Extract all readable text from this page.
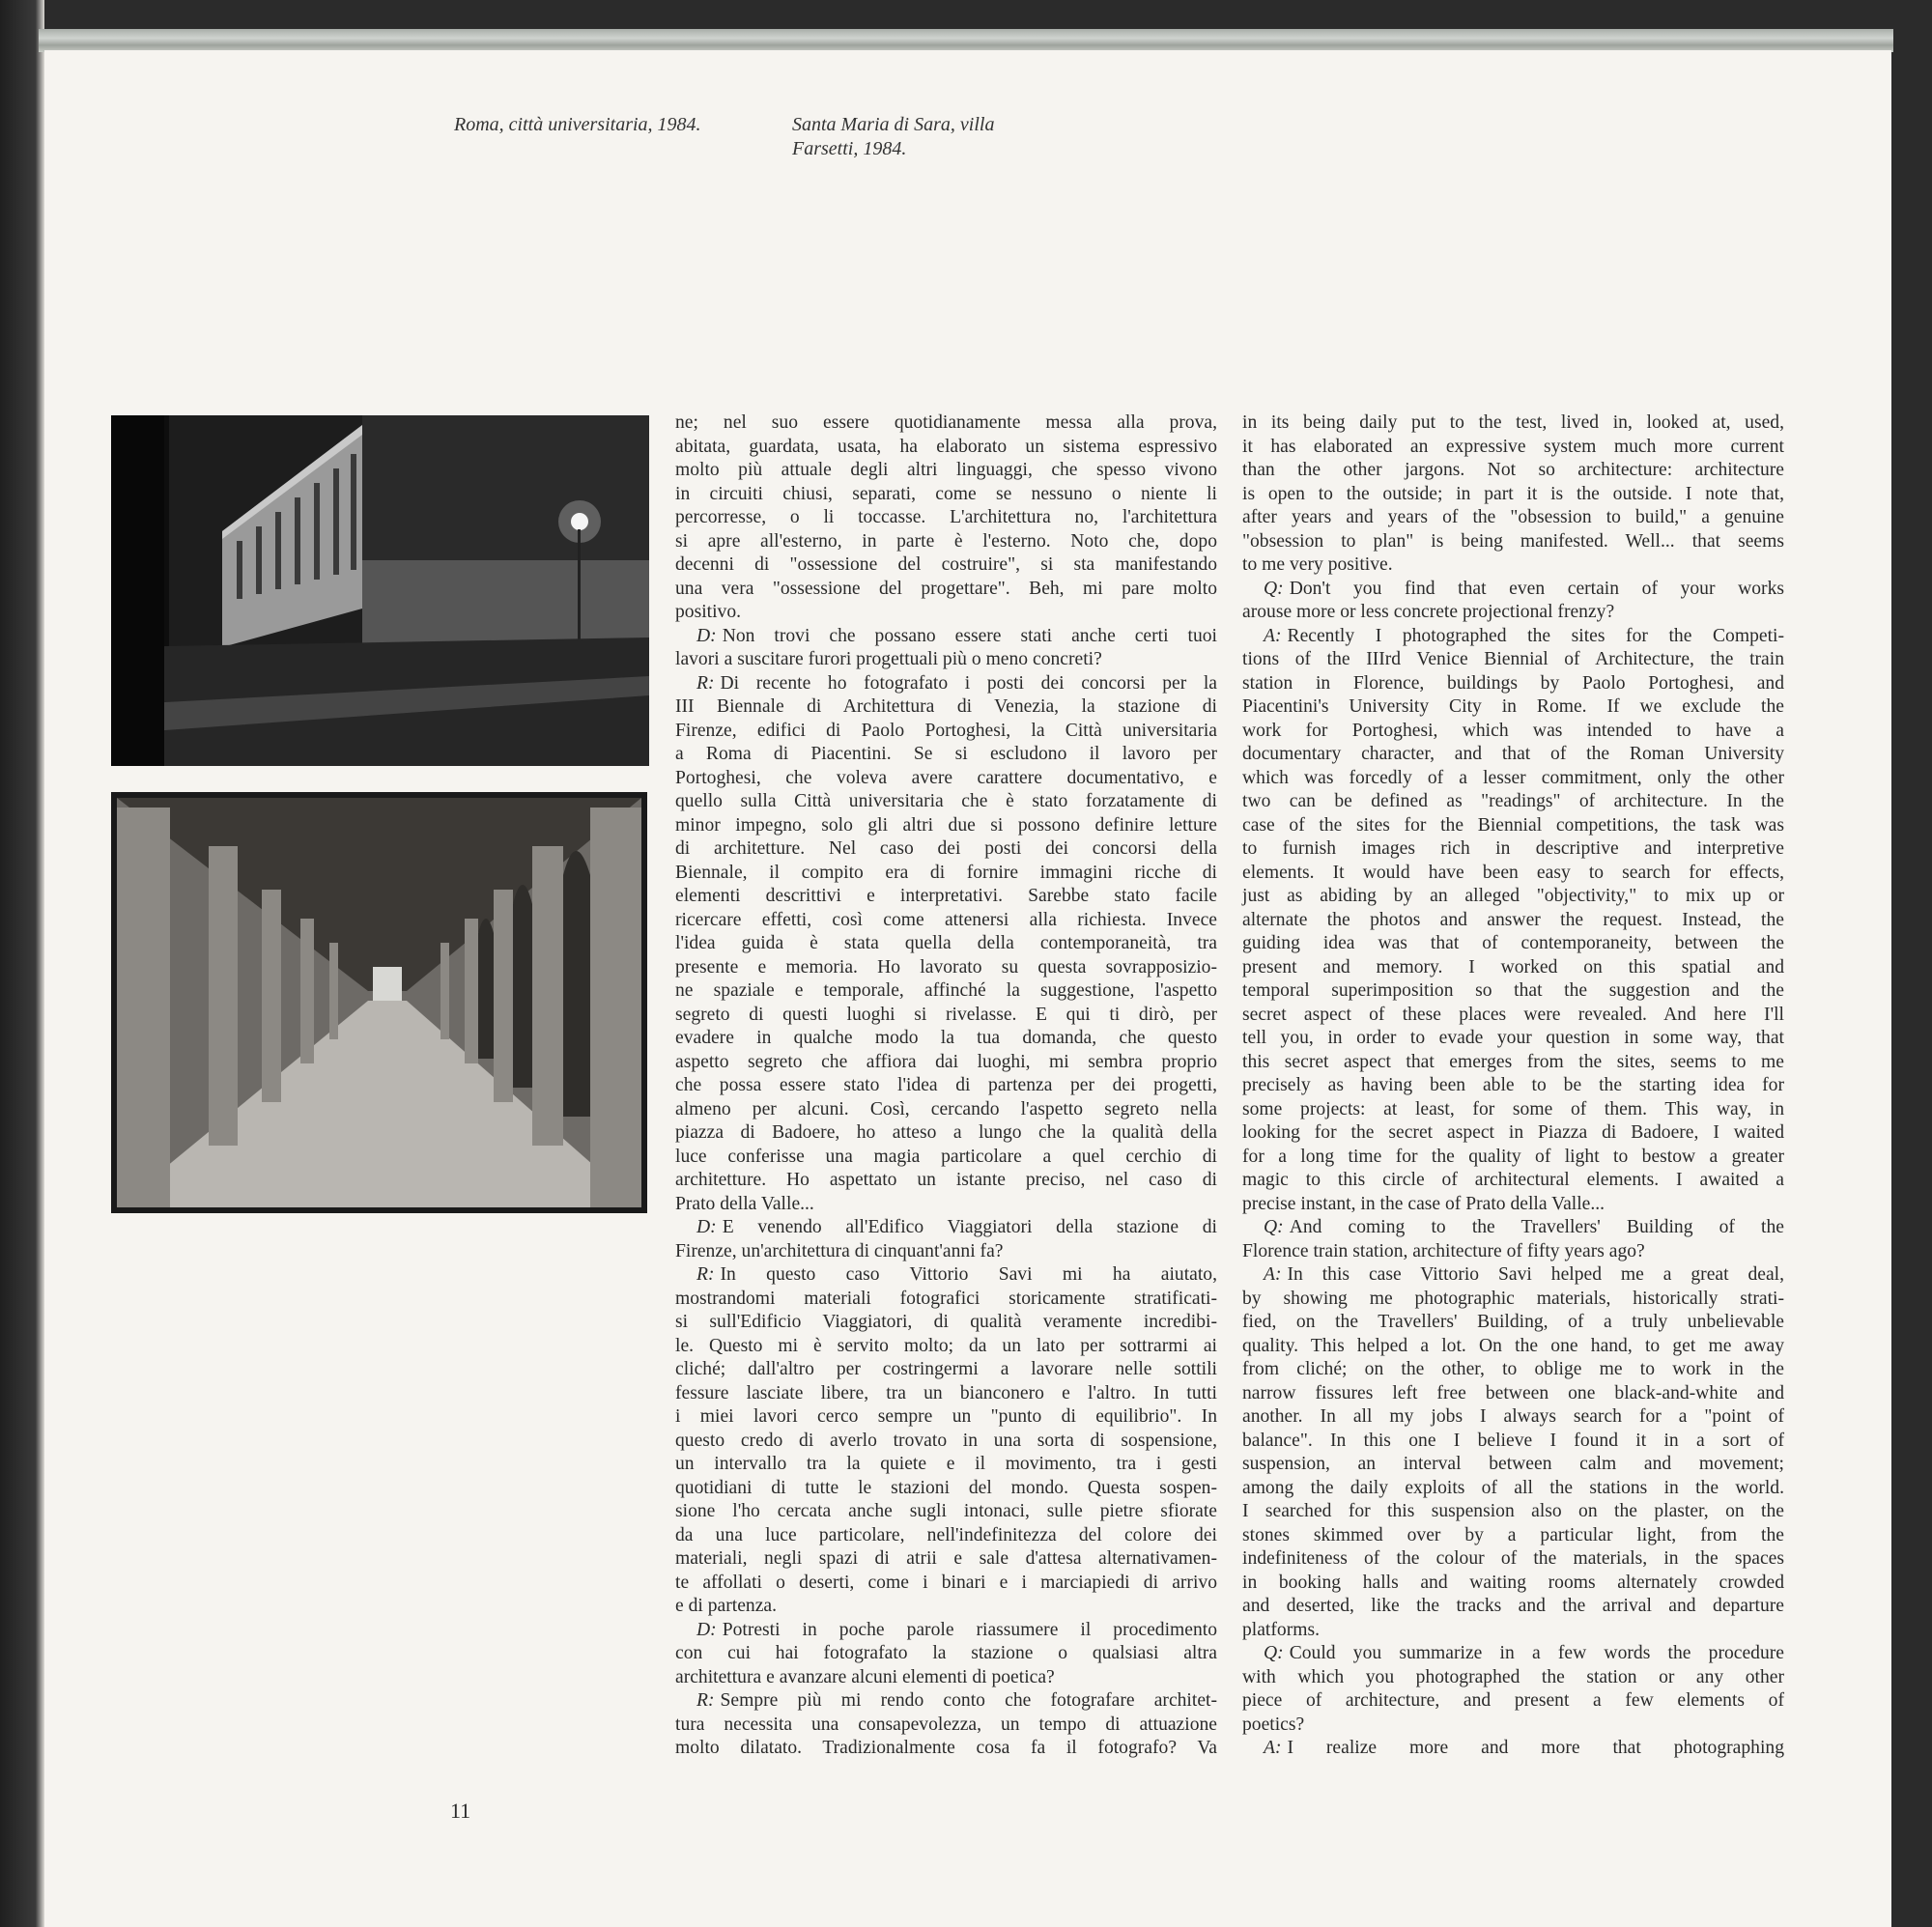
Roma, città universitaria, 1984.	Santa Maria di Sara, villa
Farsetti, 1984.
ne; nel suo essere quotidianamente messa alla prova,
abitata, guardata, usata, ha elaborato un sistema espressivo
molto più attuale degli altri linguaggi, che spesso vivono
in circuiti chiusi, separati, come se nessuno o niente li
percorresse, o li toccasse. L'architettura no, l'architettura
si apre all'esterno, in parte è l'esterno. Noto che, dopo
decenni di "ossessione del costruire", si sta manifestando
una vera "ossessione del progettare". Beh, mi pare molto
positivo.
D: Non trovi che possano essere stati anche certi tuoi
lavori a suscitare furori progettuali più o meno concreti?
R: Di recente ho fotografato i posti dei concorsi per la
III Biennale di Architettura di Venezia, la stazione di
Firenze, edifici di Paolo Portoghesi, la Città universitaria
a Roma di Piacentini. Se si escludono il lavoro per
Portoghesi, che voleva avere carattere documentativo, e
quello sulla Città universitaria che è stato forzatamente di
minor impegno, solo gli altri due si possono definire letture
di architetture. Nel caso dei posti dei concorsi della
Biennale, il compito era di fornire immagini ricche di
elementi descrittivi e interpretativi. Sarebbe stato facile
ricercare effetti, così come attenersi alla richiesta. Invece
l'idea guida è stata quella della contemporaneità, tra
presente e memoria. Ho lavorato su questa sovrapposizio-
ne spaziale e temporale, affinché la suggestione, l'aspetto
segreto di questi luoghi si rivelasse. E qui ti dirò, per
evadere in qualche modo la tua domanda, che questo
aspetto segreto che affiora dai luoghi, mi sembra proprio
che possa essere stato l'idea di partenza per dei progetti,
almeno per alcuni. Così, cercando l'aspetto segreto nella
piazza di Badoere, ho atteso a lungo che la qualità della
luce conferisse una magia particolare a quel cerchio di
architetture. Ho aspettato un istante preciso, nel caso di
Prato della Valle...
D: E venendo all'Edifico Viaggiatori della stazione di
Firenze, un'architettura di cinquant'anni fa?
R: In questo caso Vittorio Savi mi ha aiutato,
mostrandomi materiali fotografici storicamente stratificati-
si sull'Edificio Viaggiatori, di qualità veramente incredibi-
le. Questo mi è servito molto; da un lato per sottrarmi ai
cliché; dall'altro per costringermi a lavorare nelle sottili
fessure lasciate libere, tra un bianconero e l'altro. In tutti
i miei lavori cerco sempre un "punto di equilibrio". In
questo credo di averlo trovato in una sorta di sospensione,
un intervallo tra la quiete e il movimento, tra i gesti
quotidiani di tutte le stazioni del mondo. Questa sospen-
sione l'ho cercata anche sugli intonaci, sulle pietre sfiorate
da una luce particolare, nell'indefinitezza del colore dei
materiali, negli spazi di atrii e sale d'attesa alternativamen-
te affollati o deserti, come i binari e i marciapiedi di arrivo
e di partenza.
D: Potresti in poche parole riassumere il procedimento
con cui hai fotografato la stazione o qualsiasi altra
architettura e avanzare alcuni elementi di poetica?
R: Sempre più mi rendo conto che fotografare architet-
tura necessita una consapevolezza, un tempo di attuazione
molto dilatato. Tradizionalmente cosa fa il fotografo? Va
in its being daily put to the test, lived in, looked at, used,
it has elaborated an expressive system much more current
than the other jargons. Not so architecture: architecture
is open to the outside; in part it is the outside. I note that,
after years and years of the "obsession to build," a genuine
"obsession to plan" is being manifested. Well... that seems
to me very positive.
Q: Don't you find that even certain of your works
arouse more or less concrete projectional frenzy?
A: Recently I photographed the sites for the Competi-
tions of the IIIrd Venice Biennial of Architecture, the train
station in Florence, buildings by Paolo Portoghesi, and
Piacentini's University City in Rome. If we exclude the
work for Portoghesi, which was intended to have a
documentary character, and that of the Roman University
which was forcedly of a lesser commitment, only the other
two can be defined as "readings" of architecture. In the
case of the sites for the Biennial competitions, the task was
to furnish images rich in descriptive and interpretive
elements. It would have been easy to search for effects,
just as abiding by an alleged "objectivity," to mix up or
alternate the photos and answer the request. Instead, the
guiding idea was that of contemporaneity, between the
present and memory. I worked on this spatial and
temporal superimposition so that the suggestion and the
secret aspect of these places were revealed. And here I'll
tell you, in order to evade your question in some way, that
this secret aspect that emerges from the sites, seems to me
precisely as having been able to be the starting idea for
some projects: at least, for some of them. This way, in
looking for the secret aspect in Piazza di Badoere, I waited
for a long time for the quality of light to bestow a greater
magic to this circle of architectural elements. I awaited a
precise instant, in the case of Prato della Valle...
Q: And coming to the Travellers' Building of the
Florence train station, architecture of fifty years ago?
A: In this case Vittorio Savi helped me a great deal,
by showing me photographic materials, historically strati-
fied, on the Travellers' Building, of a truly unbelievable
quality. This helped a lot. On the one hand, to get me away
from cliché; on the other, to oblige me to work in the
narrow fissures left free between one black-and-white and
another. In all my jobs I always search for a "point of
balance". In this one I believe I found it in a sort of
suspension, an interval between calm and movement;
among the daily exploits of all the stations in the world.
I searched for this suspension also on the plaster, on the
stones skimmed over by a particular light, from the
indefiniteness of the colour of the materials, in the spaces
in booking halls and waiting rooms alternately crowded
and deserted, like the tracks and the arrival and departure
platforms.
Q: Could you summarize in a few words the procedure
with which you photographed the station or any other
piece of architecture, and present a few elements of
poetics?
A: I realize more and more that photographing
11
